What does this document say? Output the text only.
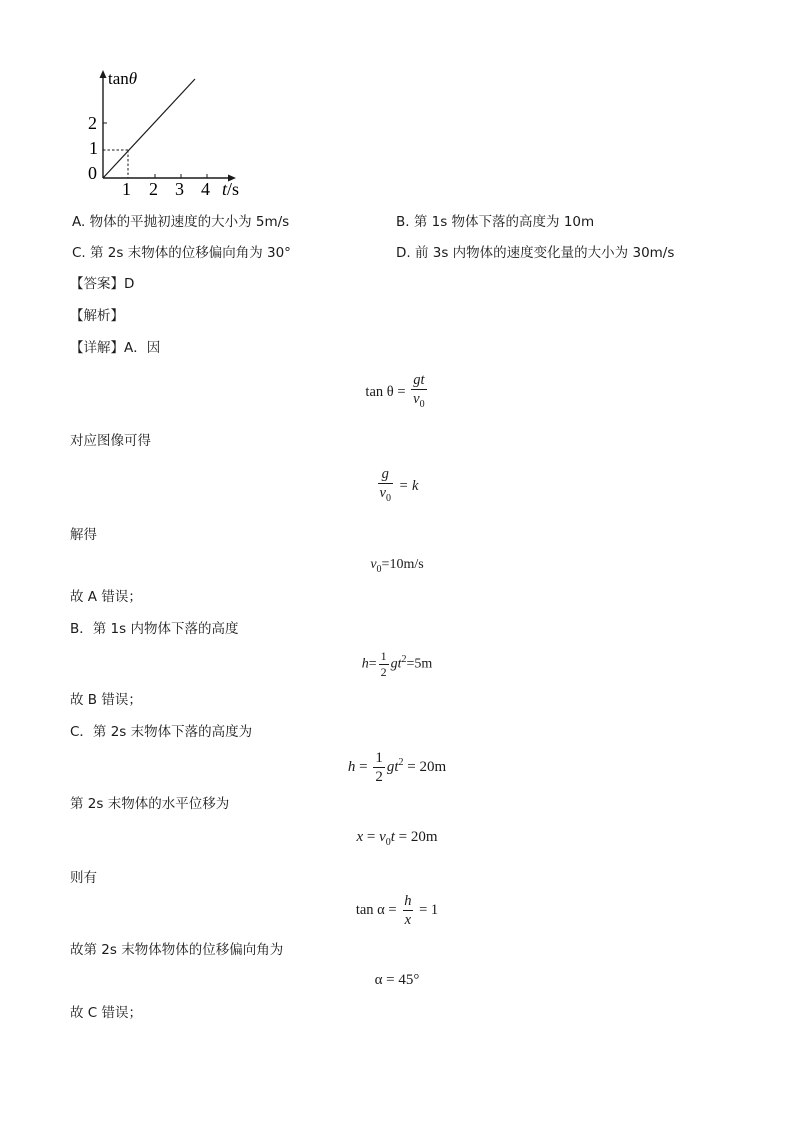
tanθ
0
1
2
1 2 3 4 t/s
A. 物体的平抛初速度的大小为 5m/s	B. 第 1s 物体下落的高度为 10m
C. 第 2s 末物体的位移偏向角为 30°	D. 前 3s 内物体的速度变化量的大小为 30m/s
【答案】D
【解析】
【详解】A．因
$\tan \theta = \frac{gt}{v_0}$
对应图像可得
$\frac{g}{v_0} = k$
解得
$v_0=10m/s$
故 A 错误；
B．第 1s 内物体下落的高度
$h= \frac{1}{2} gt^2=5m$
故 B 错误；
C．第 2s 末物体下落的高度为
$h = \frac{1}{2} gt^2 = 20m$
第 2s 末物体的水平位移为
$x = v_0t = 20m$
则有
$\tan \alpha = \frac{h}{x} = 1$
故第 2s 末物体物体的位移偏向角为
α = 45°
故 C 错误；
